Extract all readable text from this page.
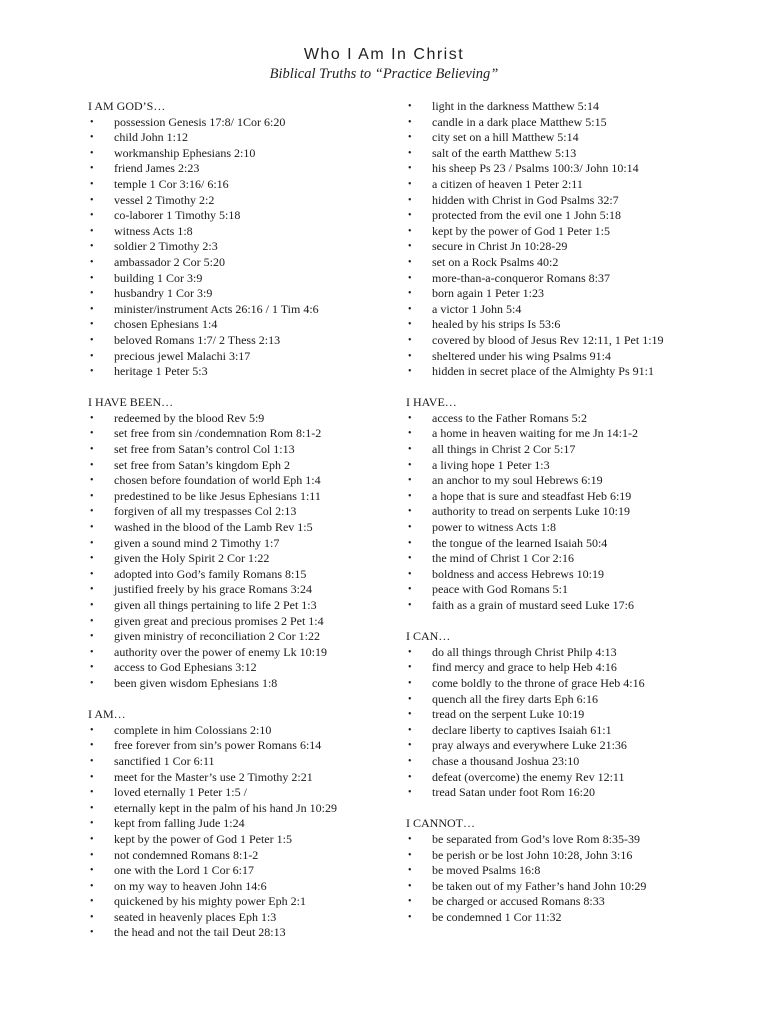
Who I Am In Christ
Biblical Truths to “Practice Believing”
I AM GOD’S…
• possession Genesis 17:8/ 1Cor 6:20
• child John 1:12
• workmanship Ephesians 2:10
• friend James 2:23
• temple 1 Cor 3:16/ 6:16
• vessel 2 Timothy 2:2
• co-laborer 1 Timothy 5:18
• witness Acts 1:8
• soldier 2 Timothy 2:3
• ambassador 2 Cor 5:20
• building 1 Cor 3:9
• husbandry 1 Cor 3:9
• minister/instrument Acts 26:16 / 1 Tim 4:6
• chosen Ephesians 1:4
• beloved Romans 1:7/ 2 Thess 2:13
• precious jewel Malachi 3:17
• heritage 1 Peter 5:3
I HAVE BEEN…
• redeemed by the blood Rev 5:9
• set free from sin /condemnation Rom 8:1-2
• set free from Satan’s control Col 1:13
• set free from Satan’s kingdom Eph 2
• chosen before foundation of world Eph 1:4
• predestined to be like Jesus Ephesians 1:11
• forgiven of all my trespasses Col 2:13
• washed in the blood of the Lamb Rev 1:5
• given a sound mind 2 Timothy 1:7
• given the Holy Spirit 2 Cor 1:22
• adopted into God’s family Romans 8:15
• justified freely by his grace Romans 3:24
• given all things pertaining to life 2 Pet 1:3
• given great and precious promises 2 Pet 1:4
• given ministry of reconciliation 2 Cor 1:22
• authority over the power of enemy Lk 10:19
• access to God Ephesians 3:12
• been given wisdom Ephesians 1:8
I AM…
• complete in him Colossians 2:10
• free forever from sin’s power Romans 6:14
• sanctified 1 Cor 6:11
• meet for the Master’s use 2 Timothy 2:21
• loved eternally 1 Peter 1:5 /
• eternally kept in the palm of his hand Jn 10:29
• kept from falling Jude 1:24
• kept by the power of God 1 Peter 1:5
• not condemned Romans 8:1-2
• one with the Lord 1 Cor 6:17
• on my way to heaven John 14:6
• quickened by his mighty power Eph 2:1
• seated in heavenly places Eph 1:3
• the head and not the tail Deut 28:13
• light in the darkness Matthew 5:14
• candle in a dark place Matthew 5:15
• city set on a hill Matthew 5:14
• salt of the earth Matthew 5:13
• his sheep Ps 23 / Psalms 100:3/ John 10:14
• a citizen of heaven 1 Peter 2:11
• hidden with Christ in God Psalms 32:7
• protected from the evil one 1 John 5:18
• kept by the power of God 1 Peter 1:5
• secure in Christ Jn 10:28-29
• set on a Rock Psalms 40:2
• more-than-a-conqueror Romans 8:37
• born again 1 Peter 1:23
• a victor 1 John 5:4
• healed by his strips Is 53:6
• covered by blood of Jesus Rev 12:11, 1 Pet 1:19
• sheltered under his wing Psalms 91:4
• hidden in secret place of the Almighty Ps 91:1
I HAVE…
• access to the Father Romans 5:2
• a home in heaven waiting for me Jn 14:1-2
• all things in Christ 2 Cor 5:17
• a living hope 1 Peter 1:3
• an anchor to my soul Hebrews 6:19
• a hope that is sure and steadfast Heb 6:19
• authority to tread on serpents Luke 10:19
• power to witness Acts 1:8
• the tongue of the learned Isaiah 50:4
• the mind of Christ 1 Cor 2:16
• boldness and access Hebrews 10:19
• peace with God Romans 5:1
• faith as a grain of mustard seed Luke 17:6
I CAN…
• do all things through Christ Philp 4:13
• find mercy and grace to help Heb 4:16
• come boldly to the throne of grace Heb 4:16
• quench all the firey darts Eph 6:16
• tread on the serpent Luke 10:19
• declare liberty to captives Isaiah 61:1
• pray always and everywhere Luke 21:36
• chase a thousand Joshua 23:10
• defeat (overcome) the enemy Rev 12:11
• tread Satan under foot Rom 16:20
I CANNOT…
• be separated from God’s love Rom 8:35-39
• be perish or be lost John 10:28, John 3:16
• be moved Psalms 16:8
• be taken out of my Father’s hand John 10:29
• be charged or accused Romans 8:33
• be condemned 1 Cor 11:32
